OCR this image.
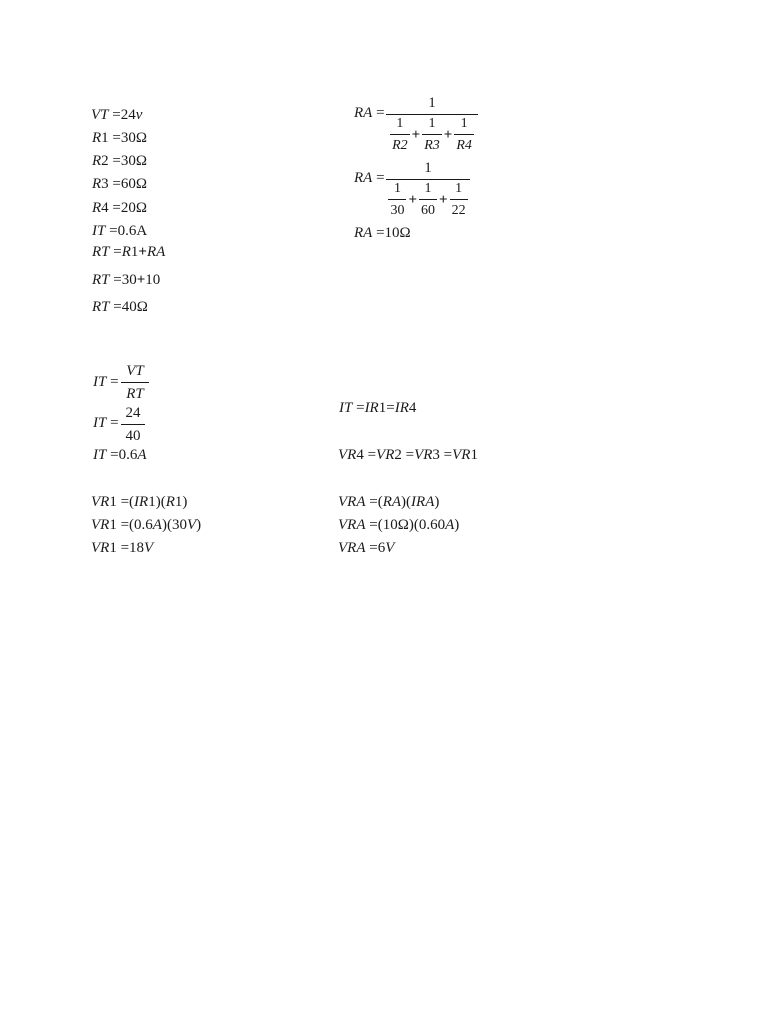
VT =24v
R1 =30Ω
R2 =30Ω
R3 =60Ω
R4 =20Ω
IT =0.6A
RT =R1+RA
RT =30+10
RT =40Ω
RA =
1
$\frac{1}{R2} + \frac{1}{R3} + \frac{1}{R4}$
RA =
1
$\frac{1}{30} + \frac{1}{60} + \frac{1}{22}$
RA =10Ω
IT =
VT
RT
IT =
24
40
IT =0.6A
IT =IR1=IR4
VR4 =VR2 =VR3 =VR1
VR1 =(IR1)(R1)
VR1 =(0.6A)(30V)
VR1 =18V
VRA =(RA)(IRA)
VRA =(10Ω)(0.60A)
VRA =6V
